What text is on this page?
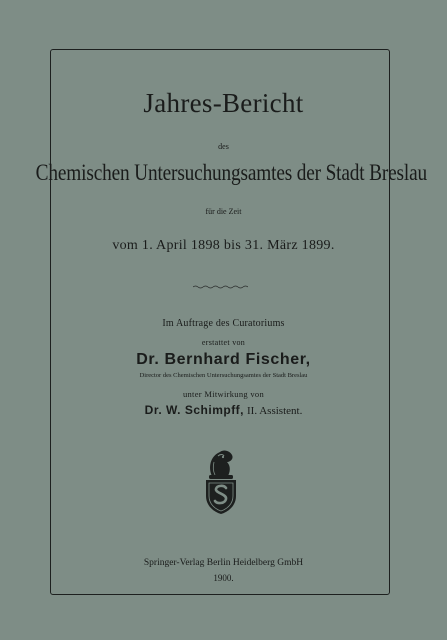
Jahres-Bericht
des
Chemischen Untersuchungsamtes der Stadt Breslau
für die Zeit
vom 1. April 1898 bis 31. März 1899.
Im Auftrage des Curatoriums
erstattet von
Dr. Bernhard Fischer,
Director des Chemischen Untersuchungsamtes der Stadt Breslau
unter Mitwirkung von
Dr. W. Schimpff, II. Assistent.
Springer-Verlag Berlin Heidelberg GmbH
1900.
